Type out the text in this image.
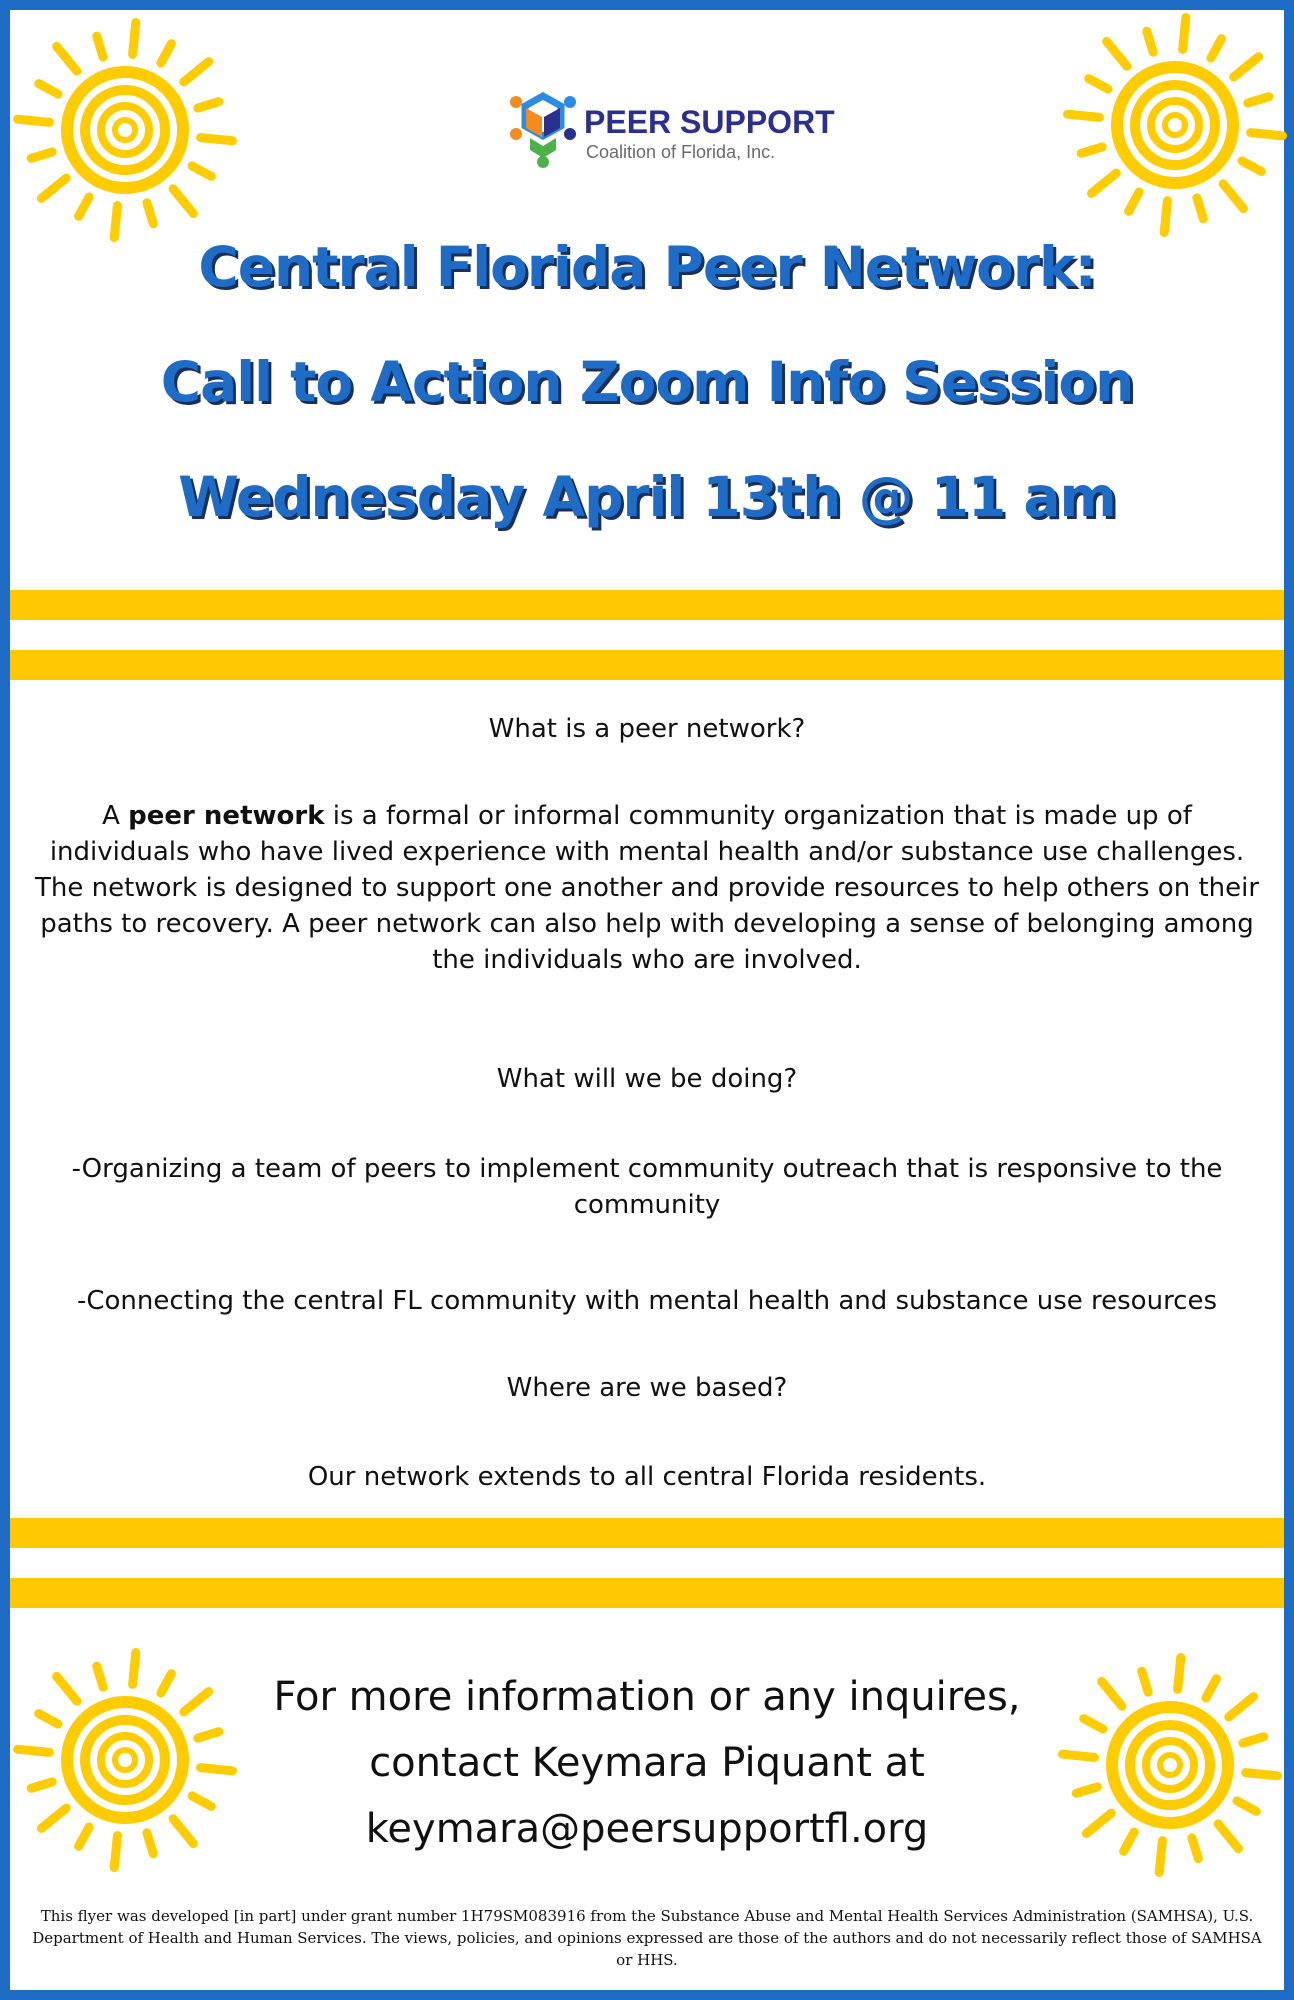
PEER SUPPORT
Coalition of Florida, Inc.
Central Florida Peer Network:
Call to Action Zoom Info Session
Wednesday April 13th @ 11 am
What is a peer network?
A peer network is a formal or informal community organization that is made up of individuals who have lived experience with mental health and/or substance use challenges. The network is designed to support one another and provide resources to help others on their paths to recovery. A peer network can also help with developing a sense of belonging among the individuals who are involved.
What will we be doing?
-Organizing a team of peers to implement community outreach that is responsive to the community
-Connecting the central FL community with mental health and substance use resources
Where are we based?
Our network extends to all central Florida residents.
For more information or any inquires,
contact Keymara Piquant at
keymara@peersupportfl.org
This flyer was developed [in part] under grant number 1H79SM083916 from the Substance Abuse and Mental Health Services Administration (SAMHSA), U.S. Department of Health and Human Services. The views, policies, and opinions expressed are those of the authors and do not necessarily reflect those of SAMHSA or HHS.
